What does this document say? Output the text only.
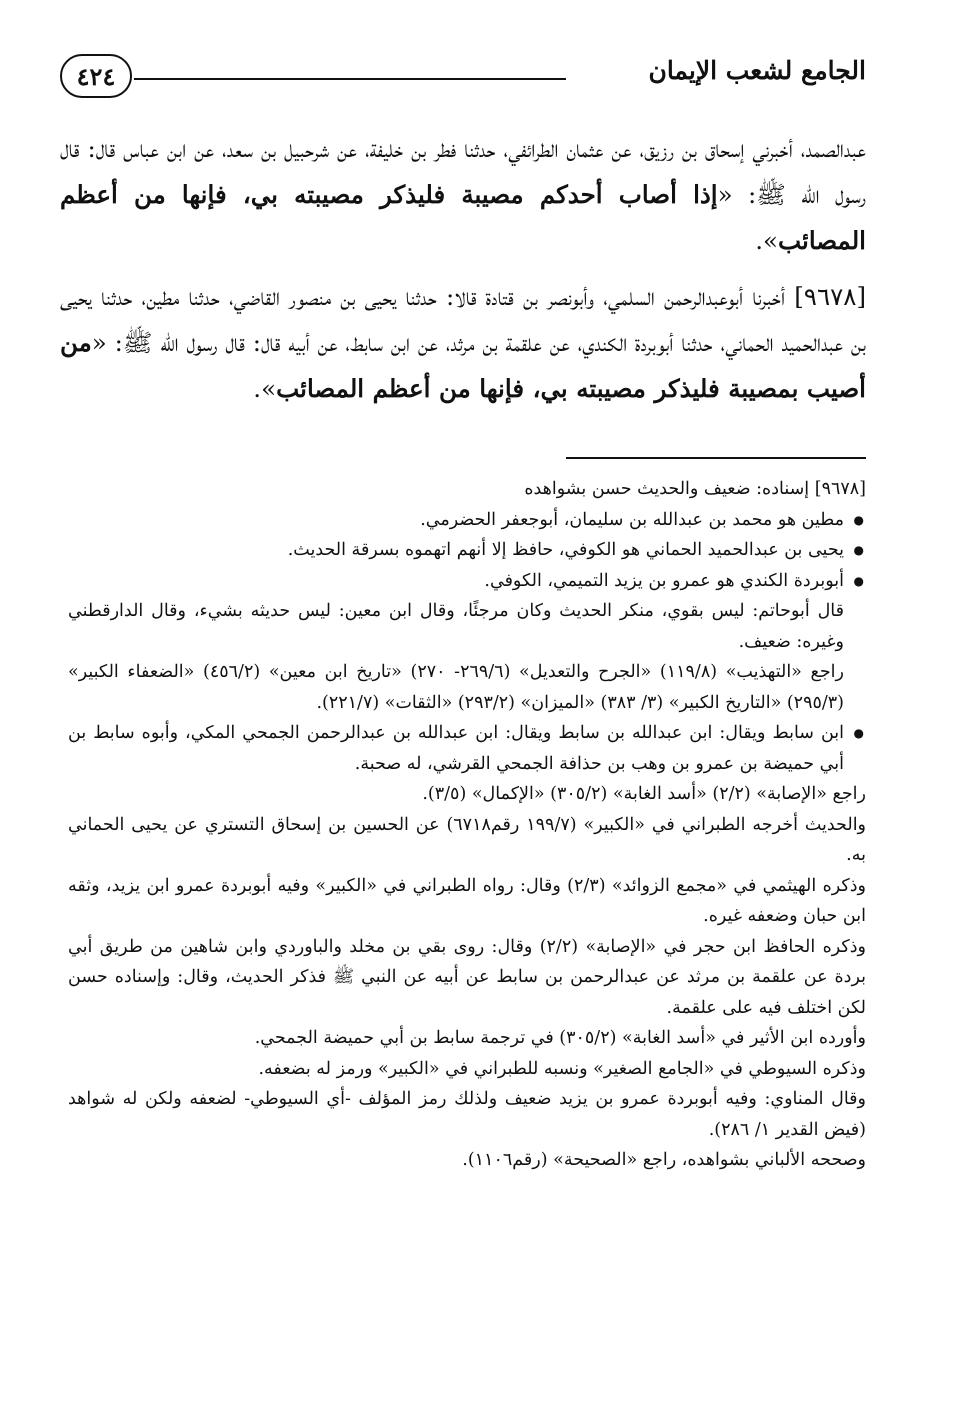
٤٢٤	الجامع لشعب الإيمان

عبدالصمد، أخبرني إسحاق بن رزيق، عن عثمان الطرائفي، حدثنا فطر بن خليفة، عن شرحبيل بن سعد، عن ابن عباس قال: قال رسول الله ﷺ: «إذا أصاب أحدكم مصيبة فليذكر مصيبته بي، فإنها من أعظم المصائب».

[٩٦٧٨] أخبرنا أبوعبدالرحمن السلمي، وأبونصر بن قتادة قالا: حدثنا يحيى بن منصور القاضي، حدثنا مطين، حدثنا يحيى بن عبدالحميد الحماني، حدثنا أبوبردة الكندي، عن علقمة بن مرثد، عن ابن سابط، عن أبيه قال: قال رسول الله ﷺ: «من أصيب بمصيبة فليذكر مصيبته بي، فإنها من أعظم المصائب».

[٩٦٧٨] إسناده: ضعيف والحديث حسن بشواهده

● مطين هو محمد بن عبدالله بن سليمان، أبوجعفر الحضرمي.

● يحيى بن عبدالحميد الحماني هو الكوفي، حافظ إلا أنهم اتهموه بسرقة الحديث.

● أبوبردة الكندي هو عمرو بن يزيد التميمي، الكوفي.

قال أبوحاتم: ليس بقوي، منكر الحديث وكان مرجئًا، وقال ابن معين: ليس حديثه بشيء، وقال الدارقطني وغيره: ضعيف.

راجع «التهذيب» (١١٩/٨) «الجرح والتعديل» (٢٦٩/٦- ٢٧٠) «تاريخ ابن معين» (٤٥٦/٢) «الضعفاء الكبير» (٢٩٥/٣) «التاريخ الكبير» (٣/ ٣٨٣) «الميزان» (٢٩٣/٢) «الثقات» (٢٢١/٧).

● ابن سابط ويقال: ابن عبدالله بن سابط ويقال: ابن عبدالله بن عبدالرحمن الجمحي المكي، وأبوه سابط بن أبي حميضة بن عمرو بن وهب بن حذافة الجمحي القرشي، له صحبة.

راجع «الإصابة» (٢/٢) «أسد الغابة» (٣٠٥/٢) «الإكمال» (٣/٥).

والحديث أخرجه الطبراني في «الكبير» (١٩٩/٧ رقم٦٧١٨) عن الحسين بن إسحاق التستري عن يحيى الحماني به.

وذكره الهيثمي في «مجمع الزوائد» (٢/٣) وقال: رواه الطبراني في «الكبير» وفيه أبوبردة عمرو ابن يزيد، وثقه ابن حبان وضعفه غيره.

وذكره الحافظ ابن حجر في «الإصابة» (٢/٢) وقال: روى بقي بن مخلد والباوردي وابن شاهين من طريق أبي بردة عن علقمة بن مرثد عن عبدالرحمن بن سابط عن أبيه عن النبي ﷺ فذكر الحديث، وقال: وإسناده حسن لكن اختلف فيه على علقمة.

وأورده ابن الأثير في «أسد الغابة» (٣٠٥/٢) في ترجمة سابط بن أبي حميضة الجمحي.

وذكره السيوطي في «الجامع الصغير» ونسبه للطبراني في «الكبير» ورمز له بضعفه.

وقال المناوي: وفيه أبوبردة عمرو بن يزيد ضعيف ولذلك رمز المؤلف -أي السيوطي- لضعفه ولكن له شواهد (فيض القدير ١/ ٢٨٦).

وصححه الألباني بشواهده، راجع «الصحيحة» (رقم١١٠٦).
